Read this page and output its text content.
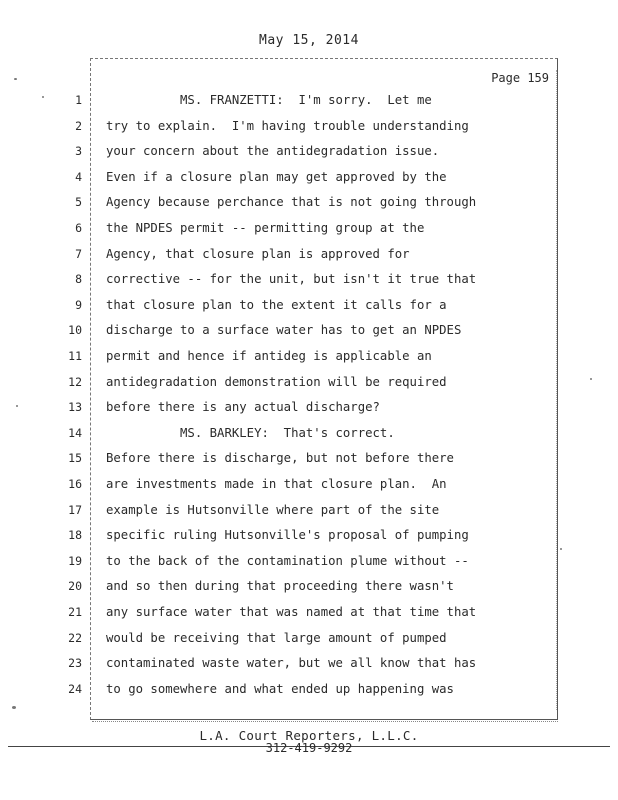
May 15, 2014
Page 159
1 MS. FRANZETTI:  I'm sorry.  Let me
2 try to explain.  I'm having trouble understanding
3 your concern about the antidegradation issue.
4 Even if a closure plan may get approved by the
5 Agency because perchance that is not going through
6 the NPDES permit -- permitting group at the
7 Agency, that closure plan is approved for
8 corrective -- for the unit, but isn't it true that
9 that closure plan to the extent it calls for a
10 discharge to a surface water has to get an NPDES
11 permit and hence if antideg is applicable an
12 antidegradation demonstration will be required
13 before there is any actual discharge?
14 MS. BARKLEY:  That's correct.
15 Before there is discharge, but not before there
16 are investments made in that closure plan.  An
17 example is Hutsonville where part of the site
18 specific ruling Hutsonville's proposal of pumping
19 to the back of the contamination plume without --
20 and so then during that proceeding there wasn't
21 any surface water that was named at that time that
22 would be receiving that large amount of pumped
23 contaminated waste water, but we all know that has
24 to go somewhere and what ended up happening was
L.A. Court Reporters, L.L.C.
312-419-9292
